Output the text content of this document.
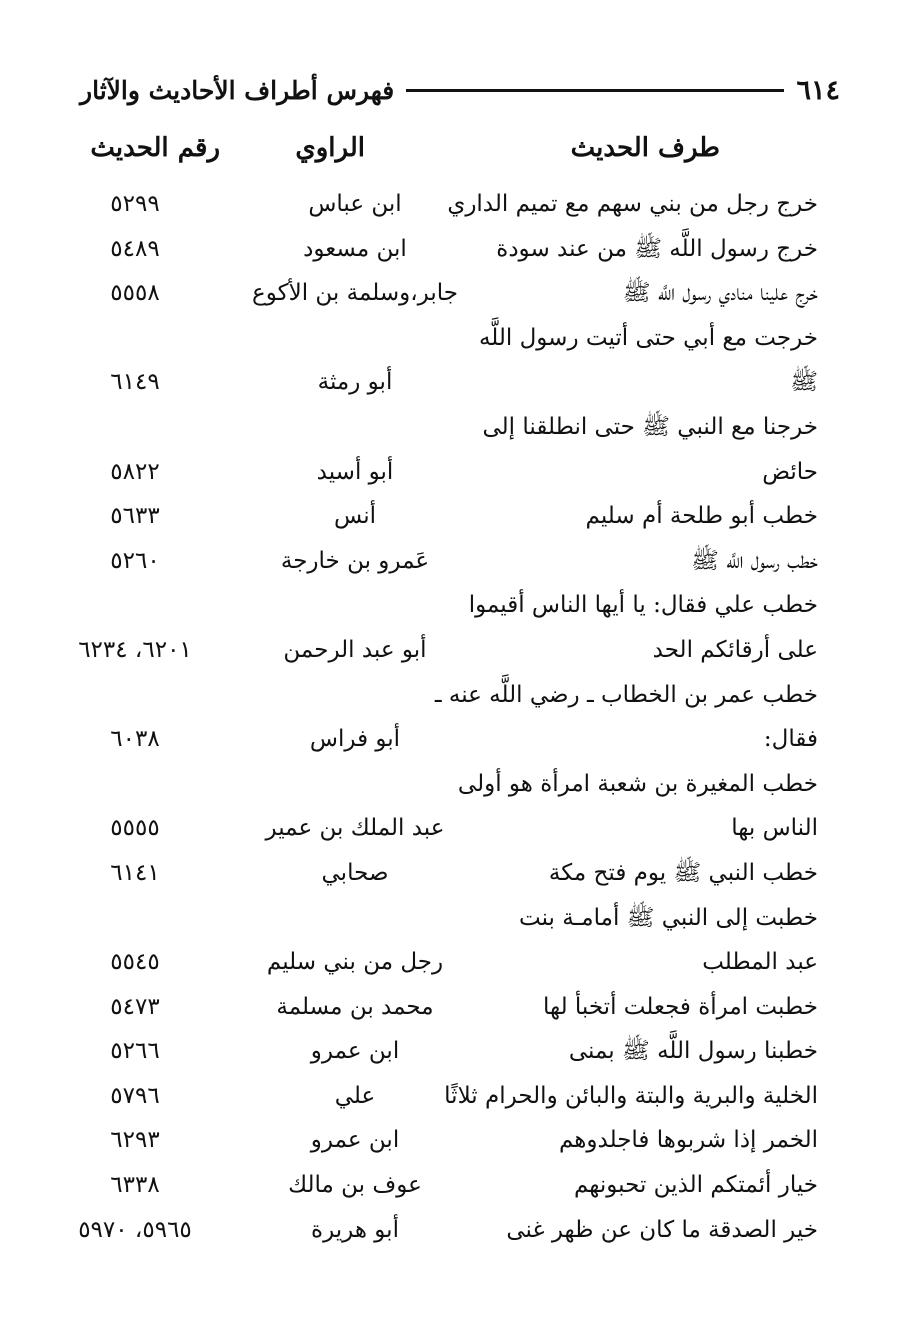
٦١٤
فهرس أطراف الأحاديث والآثار
طرف الحديث
الراوي
رقم الحديث
خرج رجل من بني سهم مع تميم الداري
ابن عباس
٥٢٩٩
خرج رسول اللَّه ﷺ من عند سودة
ابن مسعود
٥٤٨٩
خرج علينا منادي رسول اللَّه ﷺ
جابر،وسلمة بن الأكوع
٥٥٥٨
خرجت مع أبي حتى أتيت رسول اللَّه
ﷺ
أبو رمثة
٦١٤٩
خرجنا مع النبي ﷺ حتى انطلقنا إلى
حائض
أبو أسيد
٥٨٢٢
خطب أبو طلحة أم سليم
أنس
٥٦٣٣
خطب رسول اللَّه ﷺ
عَمرو بن خارجة
٥٢٦٠
خطب علي فقال: يا أيها الناس أقيموا
على أرقائكم الحد
أبو عبد الرحمن
٦٢٠١، ٦٢٣٤
خطب عمر بن الخطاب ـ رضي اللَّه عنه ـ
فقال:
أبو فراس
٦٠٣٨
خطب المغيرة بن شعبة امرأة هو أولى
الناس بها
عبد الملك بن عمير
٥٥٥٥
خطب النبي ﷺ يوم فتح مكة
صحابي
٦١٤١
خطبت إلى النبي ﷺ أمامـة بنت
عبد المطلب
رجل من بني سليم
٥٥٤٥
خطبت امرأة فجعلت أتخبأ لها
محمد بن مسلمة
٥٤٧٣
خطبنا رسول اللَّه ﷺ بمنى
ابن عمرو
٥٢٦٦
الخلية والبرية والبتة والبائن والحرام ثلاثًا
علي
٥٧٩٦
الخمر إذا شربوها فاجلدوهم
ابن عمرو
٦٢٩٣
خيار أئمتكم الذين تحبونهم
عوف بن مالك
٦٣٣٨
خير الصدقة ما كان عن ظهر غنى
أبو هريرة
٥٩٦٥، ٥٩٧٠
